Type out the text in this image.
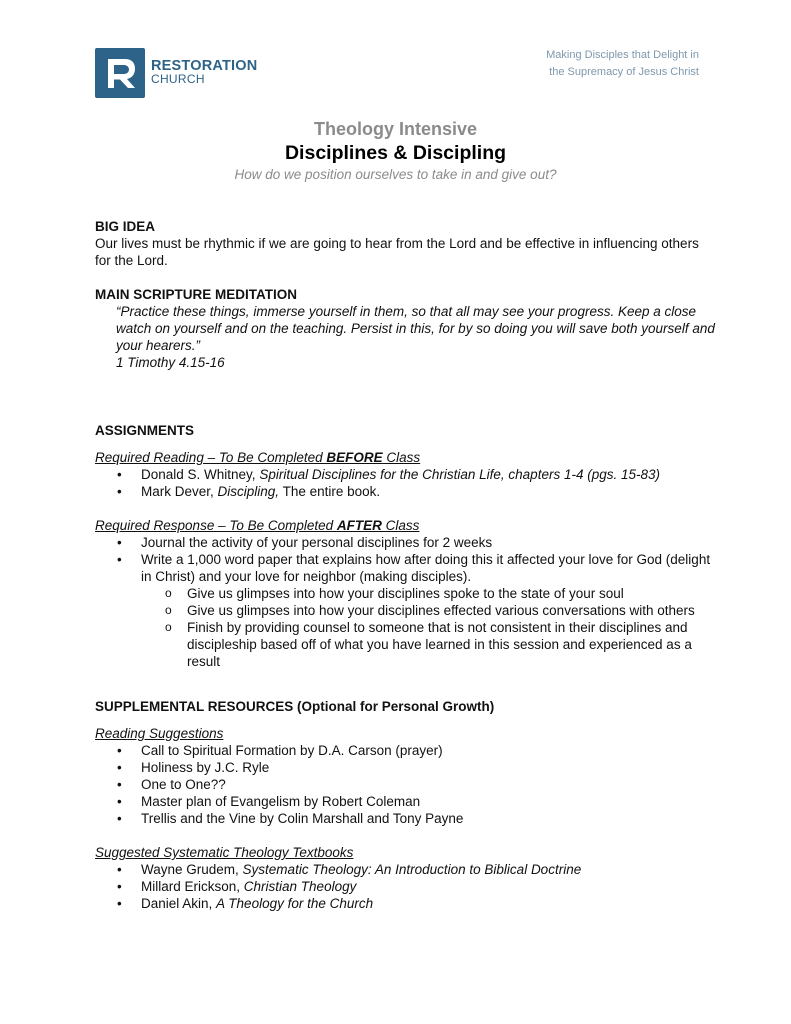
RESTORATION
CHURCH
Making Disciples that Delight in
the Supremacy of Jesus Christ
Theology Intensive
Disciplines & Discipling
How do we position ourselves to take in and give out?
BIG IDEA

Our lives must be rhythmic if we are going to hear from the Lord and be effective in influencing others for the Lord.

MAIN SCRIPTURE MEDITATION
“Practice these things, immerse yourself in them, so that all may see your progress. Keep a close watch on yourself and on the teaching. Persist in this, for by so doing you will save both yourself and your hearers.”
1 Timothy 4.15-16
ASSIGNMENTS
Required Reading – To Be Completed BEFORE Class
• Donald S. Whitney, Spiritual Disciplines for the Christian Life, chapters 1-4 (pgs. 15-83)
• Mark Dever, Discipling, The entire book.
Required Response – To Be Completed AFTER Class
• Journal the activity of your personal disciplines for 2 weeks
• Write a 1,000 word paper that explains how after doing this it affected your love for God (delight in Christ) and your love for neighbor (making disciples).
o Give us glimpses into how your disciplines spoke to the state of your soul
o Give us glimpses into how your disciplines effected various conversations with others
o Finish by providing counsel to someone that is not consistent in their disciplines and discipleship based off of what you have learned in this session and experienced as a result
SUPPLEMENTAL RESOURCES (Optional for Personal Growth)
Reading Suggestions
• Call to Spiritual Formation by D.A. Carson (prayer)
• Holiness by J.C. Ryle
• One to One??
• Master plan of Evangelism by Robert Coleman
• Trellis and the Vine by Colin Marshall and Tony Payne
Suggested Systematic Theology Textbooks
• Wayne Grudem, Systematic Theology: An Introduction to Biblical Doctrine
• Millard Erickson, Christian Theology
• Daniel Akin, A Theology for the Church
